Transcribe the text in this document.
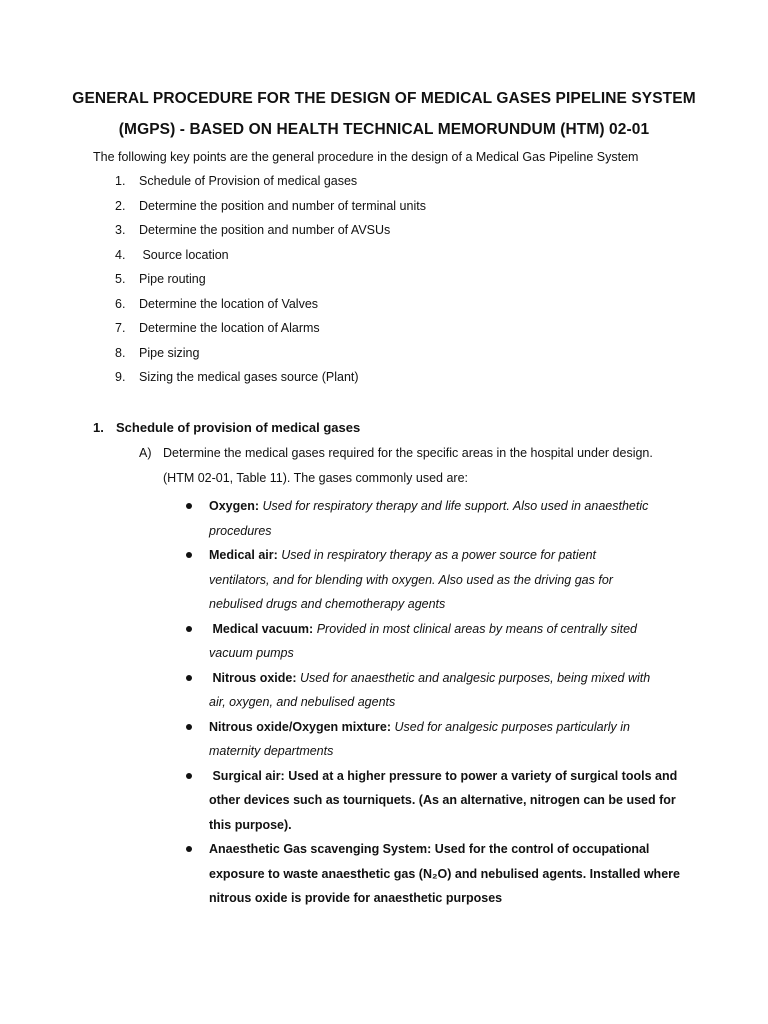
GENERAL PROCEDURE FOR THE DESIGN OF MEDICAL GASES PIPELINE SYSTEM
(MGPS) - BASED ON HEALTH TECHNICAL MEMORUNDUM (HTM) 02-01
The following key points are the general procedure in the design of a Medical Gas Pipeline System
1. Schedule of Provision of medical gases
2. Determine the position and number of terminal units
3. Determine the position and number of AVSUs
4. Source location
5. Pipe routing
6. Determine the location of Valves
7. Determine the location of Alarms
8. Pipe sizing
9. Sizing the medical gases source (Plant)
1. Schedule of provision of medical gases
A) Determine the medical gases required for the specific areas in the hospital under design.
(HTM 02-01, Table 11). The gases commonly used are:
Oxygen: Used for respiratory therapy and life support. Also used in anaesthetic
procedures
Medical air: Used in respiratory therapy as a power source for patient
ventilators, and for blending with oxygen. Also used as the driving gas for
nebulised drugs and chemotherapy agents
Medical vacuum: Provided in most clinical areas by means of centrally sited
vacuum pumps
Nitrous oxide: Used for anaesthetic and analgesic purposes, being mixed with
air, oxygen, and nebulised agents
Nitrous oxide/Oxygen mixture: Used for analgesic purposes particularly in
maternity departments
Surgical air: Used at a higher pressure to power a variety of surgical tools and
other devices such as tourniquets. (As an alternative, nitrogen can be used for
this purpose).
Anaesthetic Gas scavenging System: Used for the control of occupational
exposure to waste anaesthetic gas (N₂O) and nebulised agents. Installed where
nitrous oxide is provide for anaesthetic purposes
